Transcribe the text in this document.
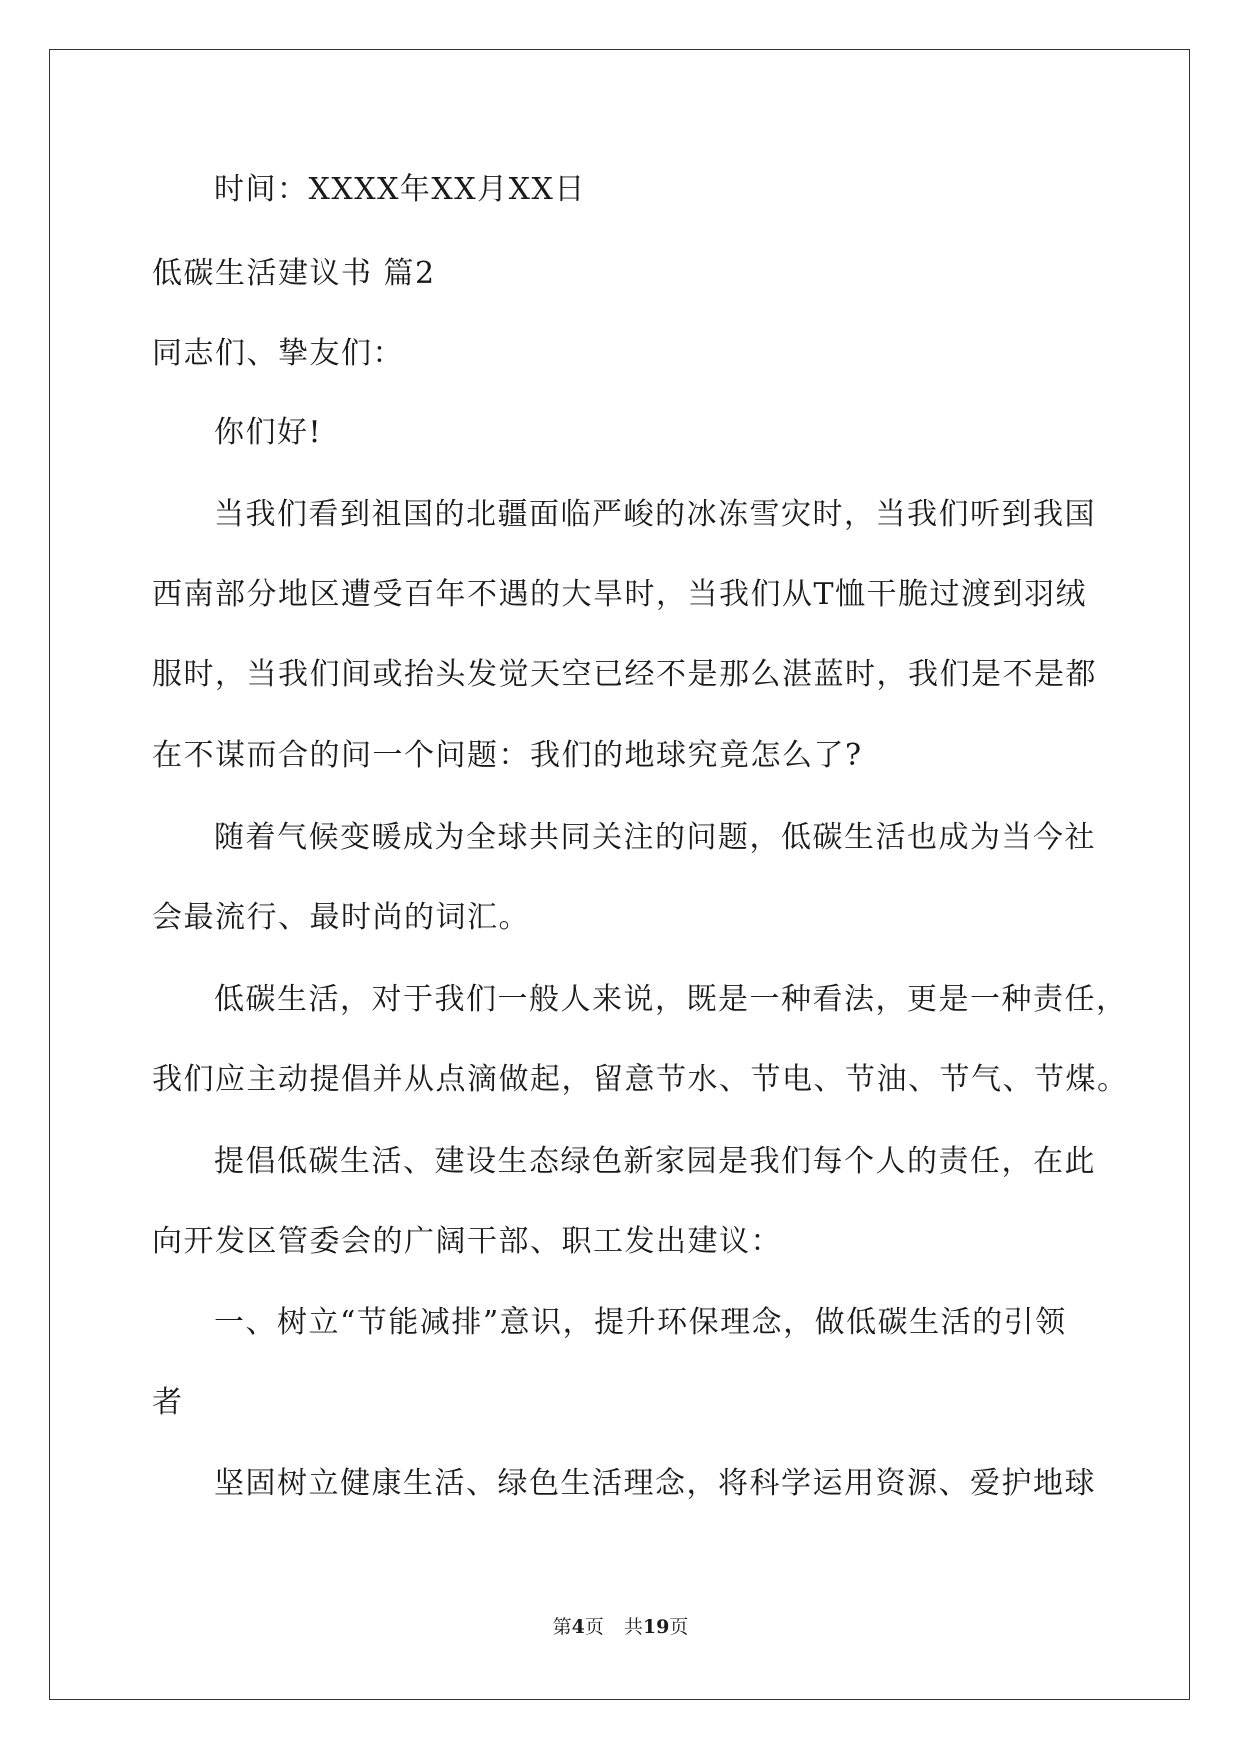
时间：XXXX年XX月XX日
低碳生活建议书 篇2
同志们、挚友们：
你们好!
当我们看到祖国的北疆面临严峻的冰冻雪灾时，当我们听到我国
西南部分地区遭受百年不遇的大旱时，当我们从T恤干脆过渡到羽绒
服时，当我们间或抬头发觉天空已经不是那么湛蓝时，我们是不是都
在不谋而合的问一个问题：我们的地球究竟怎么了?
随着气候变暖成为全球共同关注的问题，低碳生活也成为当今社
会最流行、最时尚的词汇。
低碳生活，对于我们一般人来说，既是一种看法，更是一种责任，
我们应主动提倡并从点滴做起，留意节水、节电、节油、节气、节煤。
提倡低碳生活、建设生态绿色新家园是我们每个人的责任，在此
向开发区管委会的广阔干部、职工发出建议：
一、树立“节能减排”意识，提升环保理念，做低碳生活的引领
者
坚固树立健康生活、绿色生活理念，将科学运用资源、爱护地球
第4页 共19页
